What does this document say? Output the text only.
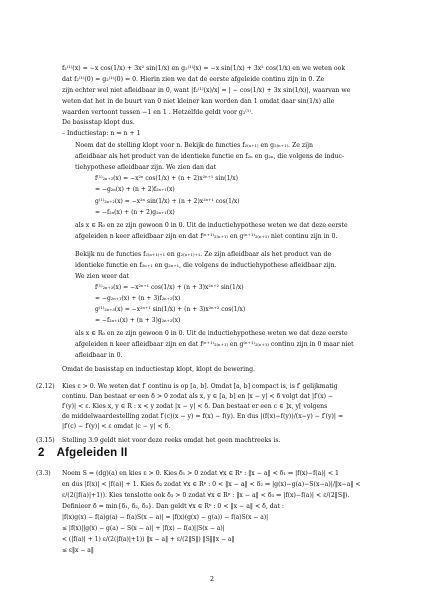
f₂⁽¹⁾(x) = −x cos(1/x) + 3x² sin(1/x) en g₂⁽¹⁾(x) = −x sin(1/x) + 3x² cos(1/x) en we weten ook
dat f₂⁽¹⁾(0) = g₂⁽¹⁾(0) = 0. Hierin zien we dat de eerste afgeleide continu zijn in 0. Ze
zijn echter wel niet afleidbaar in 0, want |f₂⁽¹⁾(x)/x| = | − cos(1/x) + 3x sin(1/x)|, waarvan we
weten dat het in de buurt van 0 niet kleiner kan worden dan 1 omdat daar sin(1/x) alle
waarden vertoont tussen −1 en 1 . Hetzelfde geldt voor g₂⁽¹⁾.
De basisstap klopt dus.
– Inductiestap: n ⇒ n + 1
Noem dat de stelling klopt voor n. Bekijk de functies f₂₍ₙ₊₁₎ en g₂₍ₙ₊₁₎. Ze zijn
afleidbaar als het product van de identieke functie en f₂ₙ en g₂ₙ, die volgens de induc-
tiehypothese afleidbaar zijn. We zien dan dat
f⁽¹⁾₂ₙ₊₂(x) = −x²ⁿ cos(1/x) + (n + 2)x²ⁿ⁺¹ sin(1/x)
= −g₂ₙ(x) + (n + 2)f₂ₙ₊₁(x)
g⁽¹⁾₂ₙ₊₂(x) = −x²ⁿ sin(1/x) + (n + 2)x²ⁿ⁺¹ cos(1/x)
= −f₂ₙ(x) + (n + 2)g₂ₙ₊₁(x)
als x ∈ R₀ en ze zijn gewoon 0 in 0. Uit de inductiehypothese weten we dat deze eerste
afgeleiden n keer afleidbaar zijn en dat f⁽ⁿ⁺¹⁾₂₍ₙ₊₁₎ en g⁽ⁿ⁺¹⁾₂₍ₙ₊₁₎ niet continu zijn in 0.
Bekijk nu de functies f₂₍ₙ₊₁₎₊₁ en g₂₍ₙ₊₁₎₊₁. Ze zijn afleidbaar als het product van de
identieke functie en f₂ₙ₊₁ en g₂ₙ₊₁, die volgens de inductiehypothese afleidbaar zijn.
We zien weer dat
f⁽¹⁾₂ₙ₊₃(x) = −x²ⁿ⁺¹ cos(1/x) + (n + 3)x²ⁿ⁺² sin(1/x)
= −g₂ₙ₊₁(x) + (n + 3)f₂ₙ₊₂(x)
g⁽¹⁾₂ₙ₊₃(x) = −x²ⁿ⁺¹ sin(1/x) + (n + 3)x²ⁿ⁺² cos(1/x)
= −f₂ₙ₊₁(x) + (n + 3)g₂ₙ₊₂(x)
als x ∈ R₀ en ze zijn gewoon 0 in 0. Uit de inductiehypothese weten we dat deze eerste
afgeleiden n keer afleidbaar zijn en dat f⁽ⁿ⁺¹⁾₂₍ₙ₊₁₎ en g⁽ⁿ⁺¹⁾₂₍ₙ₊₁₎ continu zijn in 0 maar niet
afleidbaar in 0.
Omdat de basisstap en inductiestap klopt, klopt de bewering.
(2.12) Kies ε > 0. We weten dat f′ continu is op [a, b]. Omdat [a, b] compact is, is f′ gelijkmatig
continu. Dan bestaat er een δ > 0 zodat als x, y ∈ [a, b] en |x − y| < δ volgt dat |f′(x) −
f′(y)| < ε. Kies x, y ∈ R : x < y zodat |x − y| < δ. Dan bestaat er een c ∈ ]x, y[ volgens
de middelwaardestelling zodat f′(c)(x − y) = f(x) − f(y). En dus |(f(x)−f(y))/(x−y) − f′(y)| =
|f′(c) − f′(y)| < ε omdat |c − y| < δ.
2 Afgeleiden II
(3.3) Noem S = (dg)(a) en kies ε > 0. Kies δ₁ > 0 zodat ∀x ∈ Rᵖ : ‖x − a‖ < δ₁ ⇒ |f(x)−f(a)| < 1
en dus |f(x)| < |f(a)| + 1. Kies δ₂ zodat ∀x ∈ Rᵖ : 0 < ‖x − a‖ < δ₂ ⇒ |g(x)−g(a)−S(x−a)|/‖x−a‖ <
ε/(2(|f(a)|+1)). Kies tenslotte ook δ₃ > 0 zodat ∀x ∈ Rᵖ : ‖x − a‖ < δ₃ ⇒ |f(x)−f(a)| < ε/(2‖S‖).
Definieer δ = min{δ₁, δ₂, δ₃}. Dan geldt ∀x ∈ Rᵖ : 0 < ‖x − a‖ < δ, dat :
|f(x)g(x) − f(a)g(a) − f(a)S(x − a)| = |f(x)(g(x) − g(a)) − f(a)S(x − a)|
≤ |f(x)||g(x) − g(a) − S(x − a)| + |f(x) − f(a)||S(x − a)|
< (|f(a)| + 1) ε/(2(|f(a)|+1)) ‖x − a‖ + ε/(2‖S‖) ‖S‖‖x − a‖
≤ ε‖x − a‖
2
(3.15) Stelling 3.9 geldt niet voor deze reeks omdat het geen machtreeks is.
